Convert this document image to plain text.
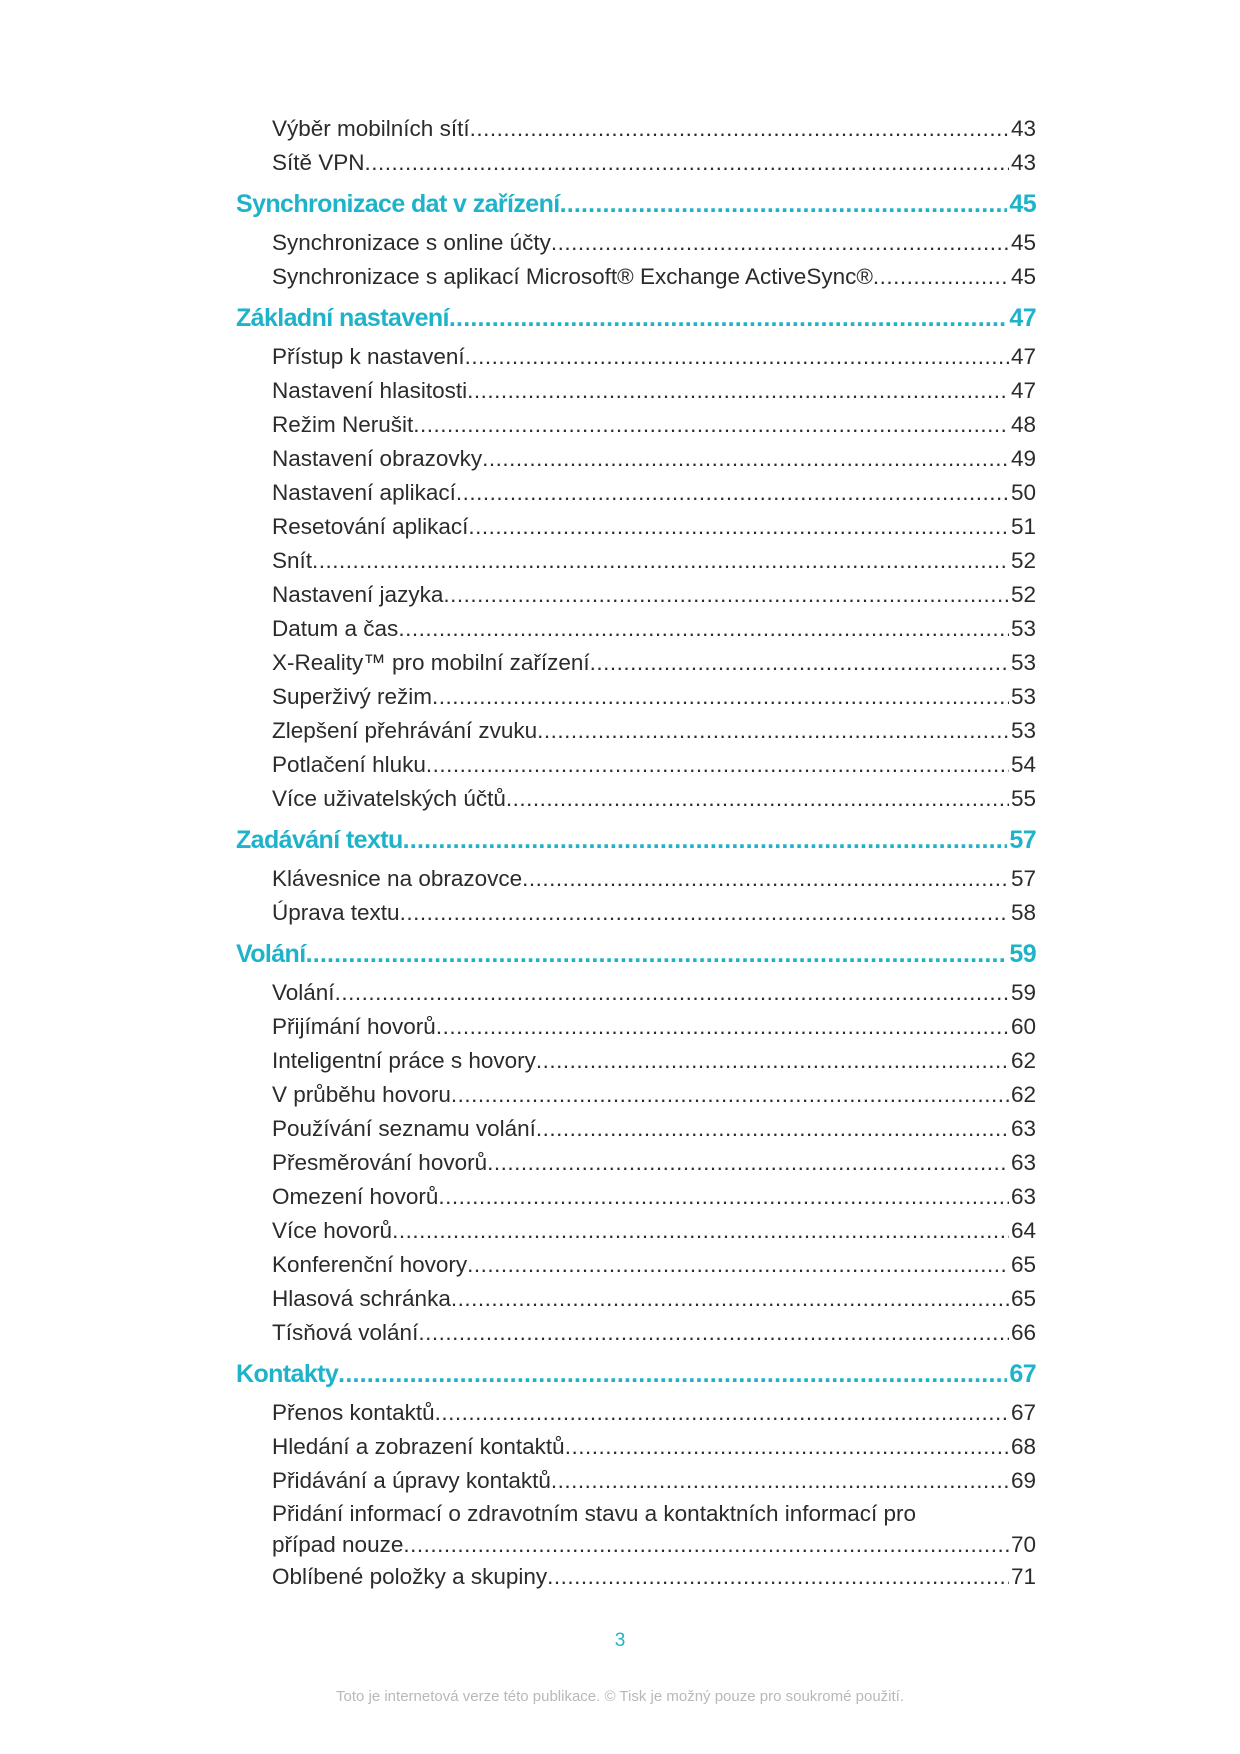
Výběr mobilních sítí .....	43
Sítě VPN .....	43
Synchronizace dat v zařízení .....	45
Synchronizace s online účty .....	45
Synchronizace s aplikací Microsoft® Exchange ActiveSync® .....	45
Základní nastavení .....	47
Přístup k nastavení .....	47
Nastavení hlasitosti .....	47
Režim Nerušit .....	48
Nastavení obrazovky .....	49
Nastavení aplikací .....	50
Resetování aplikací .....	51
Snít .....	52
Nastavení jazyka .....	52
Datum a čas .....	53
X-Reality™ pro mobilní zařízení .....	53
Superživý režim .....	53
Zlepšení přehrávání zvuku .....	53
Potlačení hluku .....	54
Více uživatelských účtů .....	55
Zadávání textu .....	57
Klávesnice na obrazovce .....	57
Úprava textu .....	58
Volání .....	59
Volání .....	59
Přijímání hovorů .....	60
Inteligentní práce s hovory .....	62
V průběhu hovoru .....	62
Používání seznamu volání .....	63
Přesměrování hovorů .....	63
Omezení hovorů .....	63
Více hovorů .....	64
Konferenční hovory .....	65
Hlasová schránka .....	65
Tísňová volání .....	66
Kontakty .....	67
Přenos kontaktů .....	67
Hledání a zobrazení kontaktů .....	68
Přidávání a úpravy kontaktů .....	69
Přidání informací o zdravotním stavu a kontaktních informací pro
případ nouze .....	70
Oblíbené položky a skupiny .....	71
3
Toto je internetová verze této publikace. © Tisk je možný pouze pro soukromé použití.
